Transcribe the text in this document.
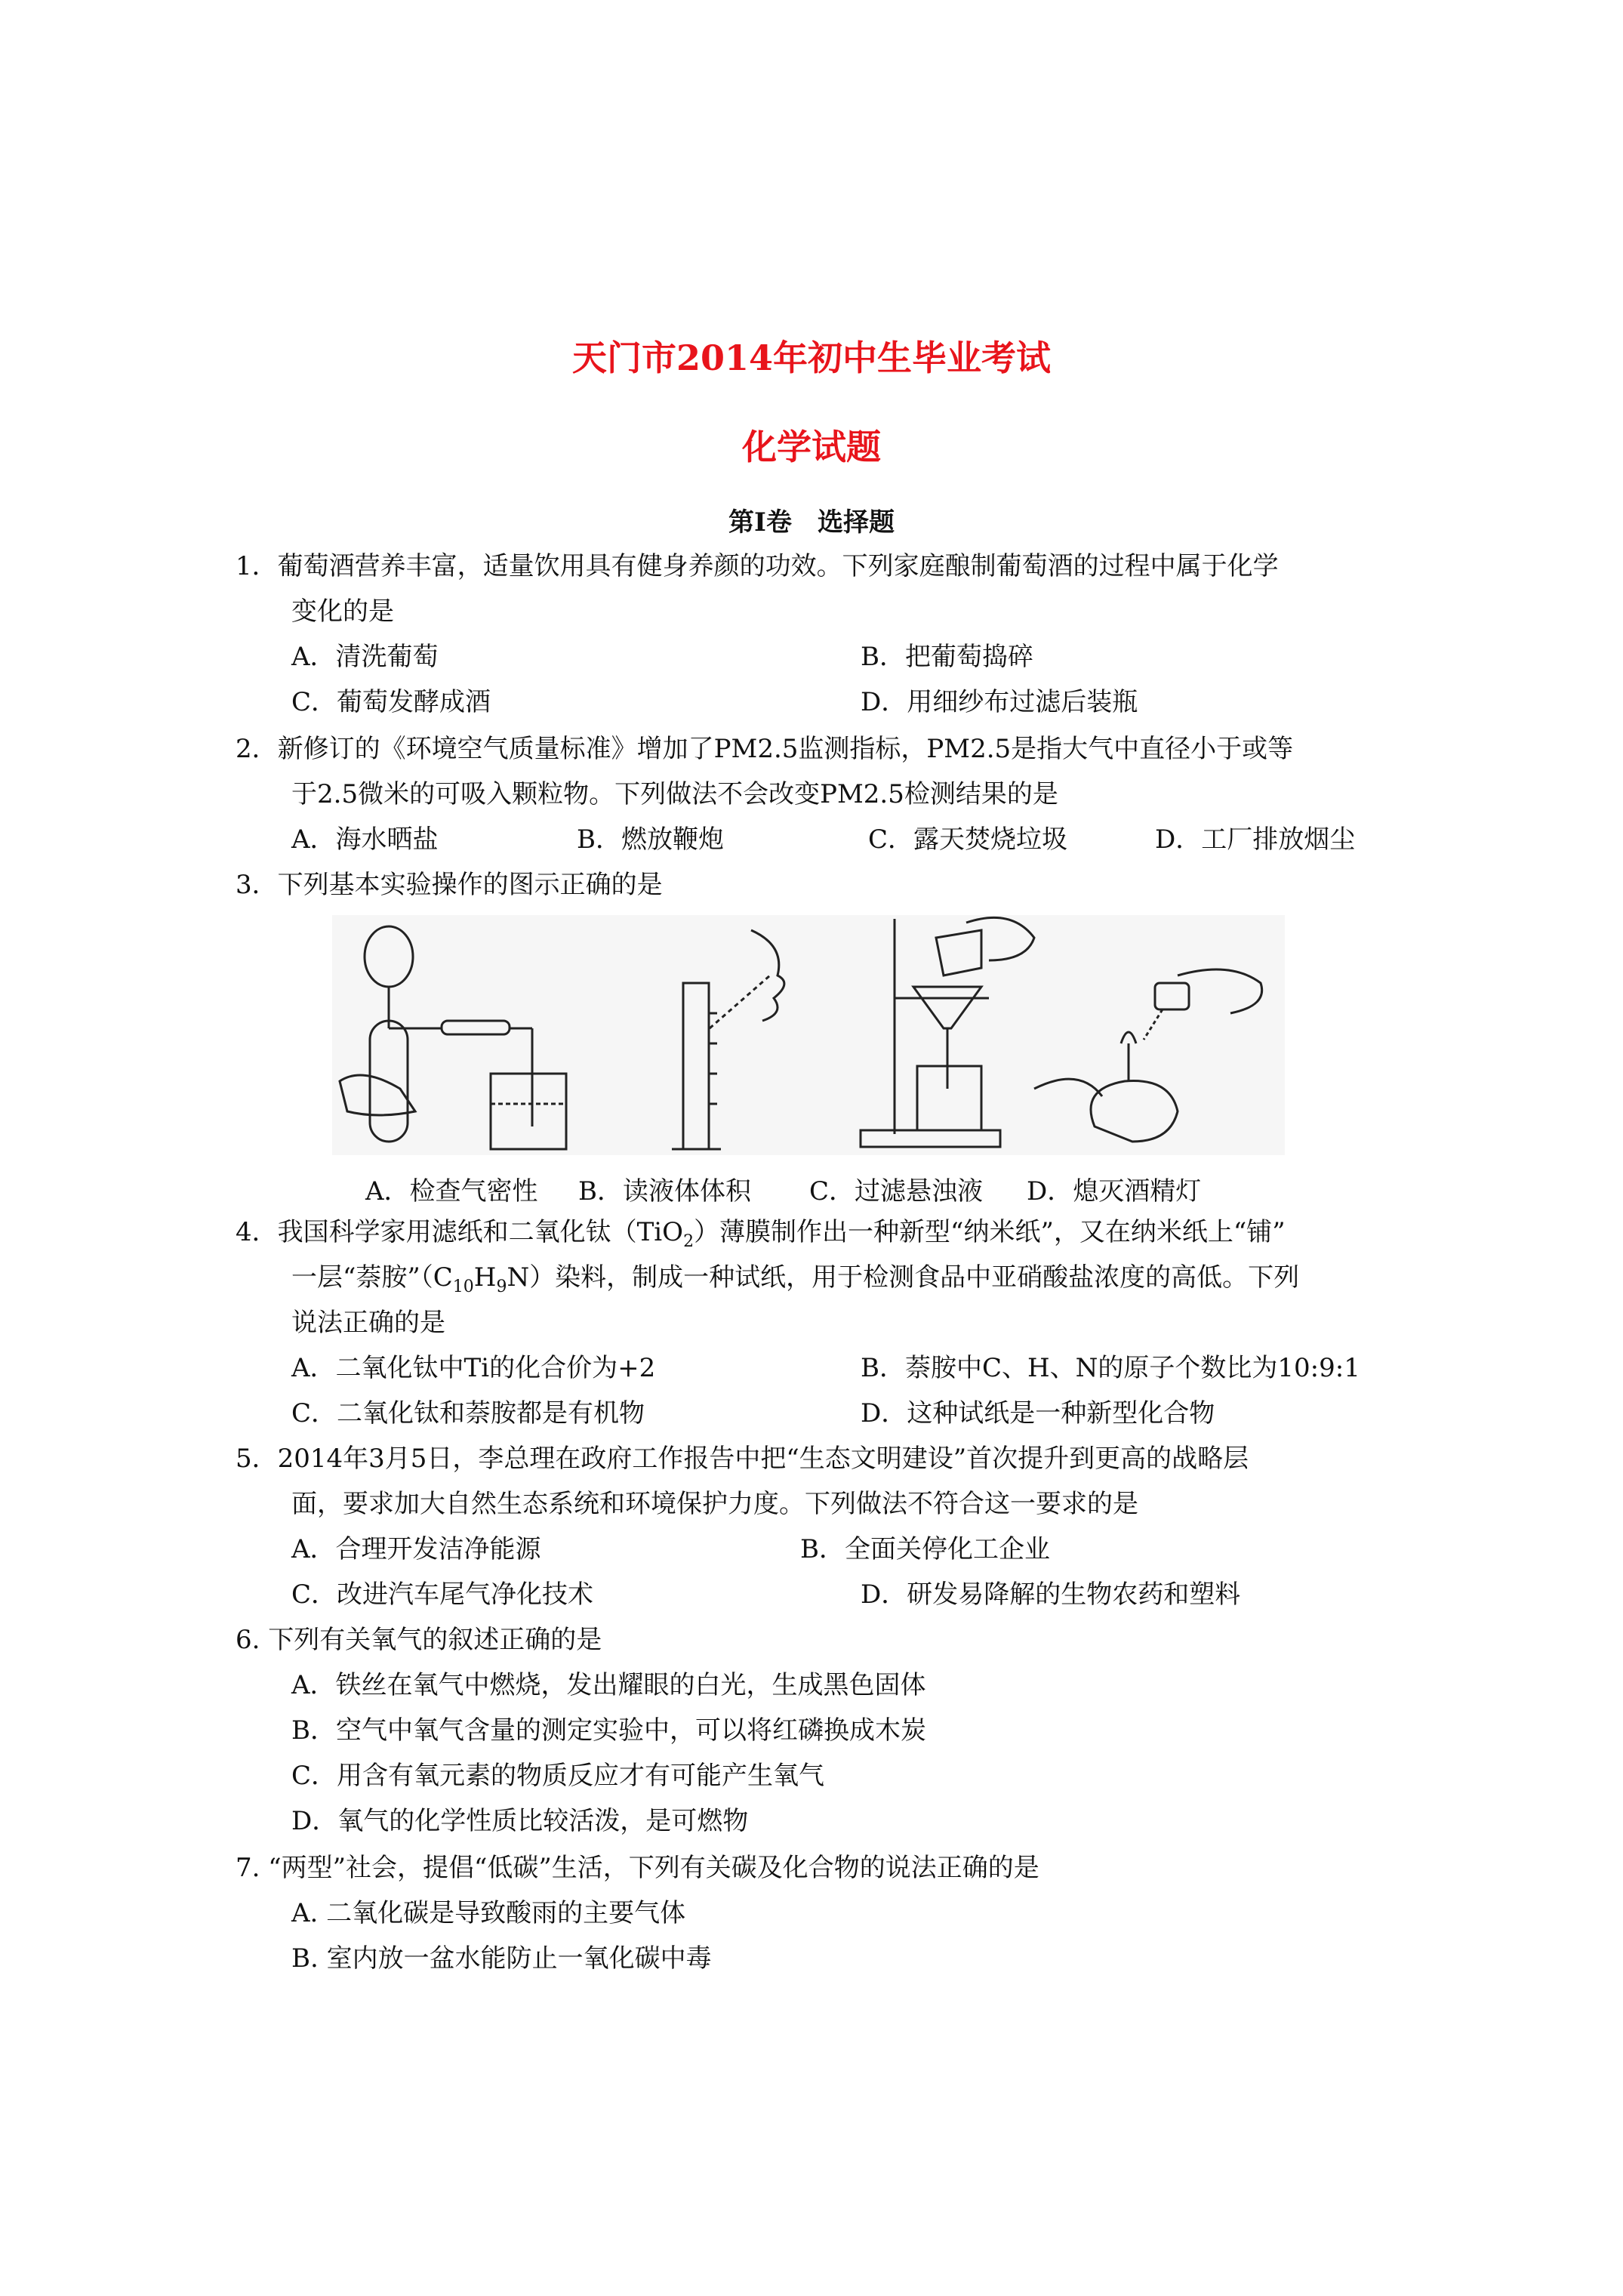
天门市2014年初中生毕业考试
化学试题
第Ⅰ卷　选择题
1．葡萄酒营养丰富，适量饮用具有健身养颜的功效。下列家庭酿制葡萄酒的过程中属于化学
变化的是
A．清洗葡萄	B．把葡萄捣碎
C．葡萄发酵成酒	D．用细纱布过滤后装瓶
2．新修订的《环境空气质量标准》增加了PM2.5监测指标，PM2.5是指大气中直径小于或等
于2.5微米的可吸入颗粒物。下列做法不会改变PM2.5检测结果的是
A．海水晒盐	B．燃放鞭炮	C．露天焚烧垃圾	D．工厂排放烟尘
3．下列基本实验操作的图示正确的是
A．检查气密性 B．读液体体积 C．过滤悬浊液 D．熄灭酒精灯
4．我国科学家用滤纸和二氧化钛（TiO$_2$）薄膜制作出一种新型“纳米纸”，又在纳米纸上“铺”
一层“萘胺$”(C_{10}H_9N)$染料，制成一种试纸，用于检测食品中亚硝酸盐浓度的高低。下列
说法正确的是
A．二氧化钛中Ti的化合价为+2	B．萘胺中C、H、N的原子个数比为10:9:1
C．二氧化钛和萘胺都是有机物	D．这种试纸是一种新型化合物
5．2014年3月5日，李总理在政府工作报告中把“生态文明建设”首次提升到更高的战略层
面，要求加大自然生态系统和环境保护力度。下列做法不符合这一要求的是
A．合理开发洁净能源	B．全面关停化工企业
C．改进汽车尾气净化技术	D．研发易降解的生物农药和塑料
6. 下列有关氧气的叙述正确的是
A．铁丝在氧气中燃烧，发出耀眼的白光，生成黑色固体
B．空气中氧气含量的测定实验中，可以将红磷换成木炭
C．用含有氧元素的物质反应才有可能产生氧气
D．氧气的化学性质比较活泼，是可燃物
7. “两型”社会，提倡“低碳”生活，下列有关碳及化合物的说法正确的是
A. 二氧化碳是导致酸雨的主要气体
B. 室内放一盆水能防止一氧化碳中毒
